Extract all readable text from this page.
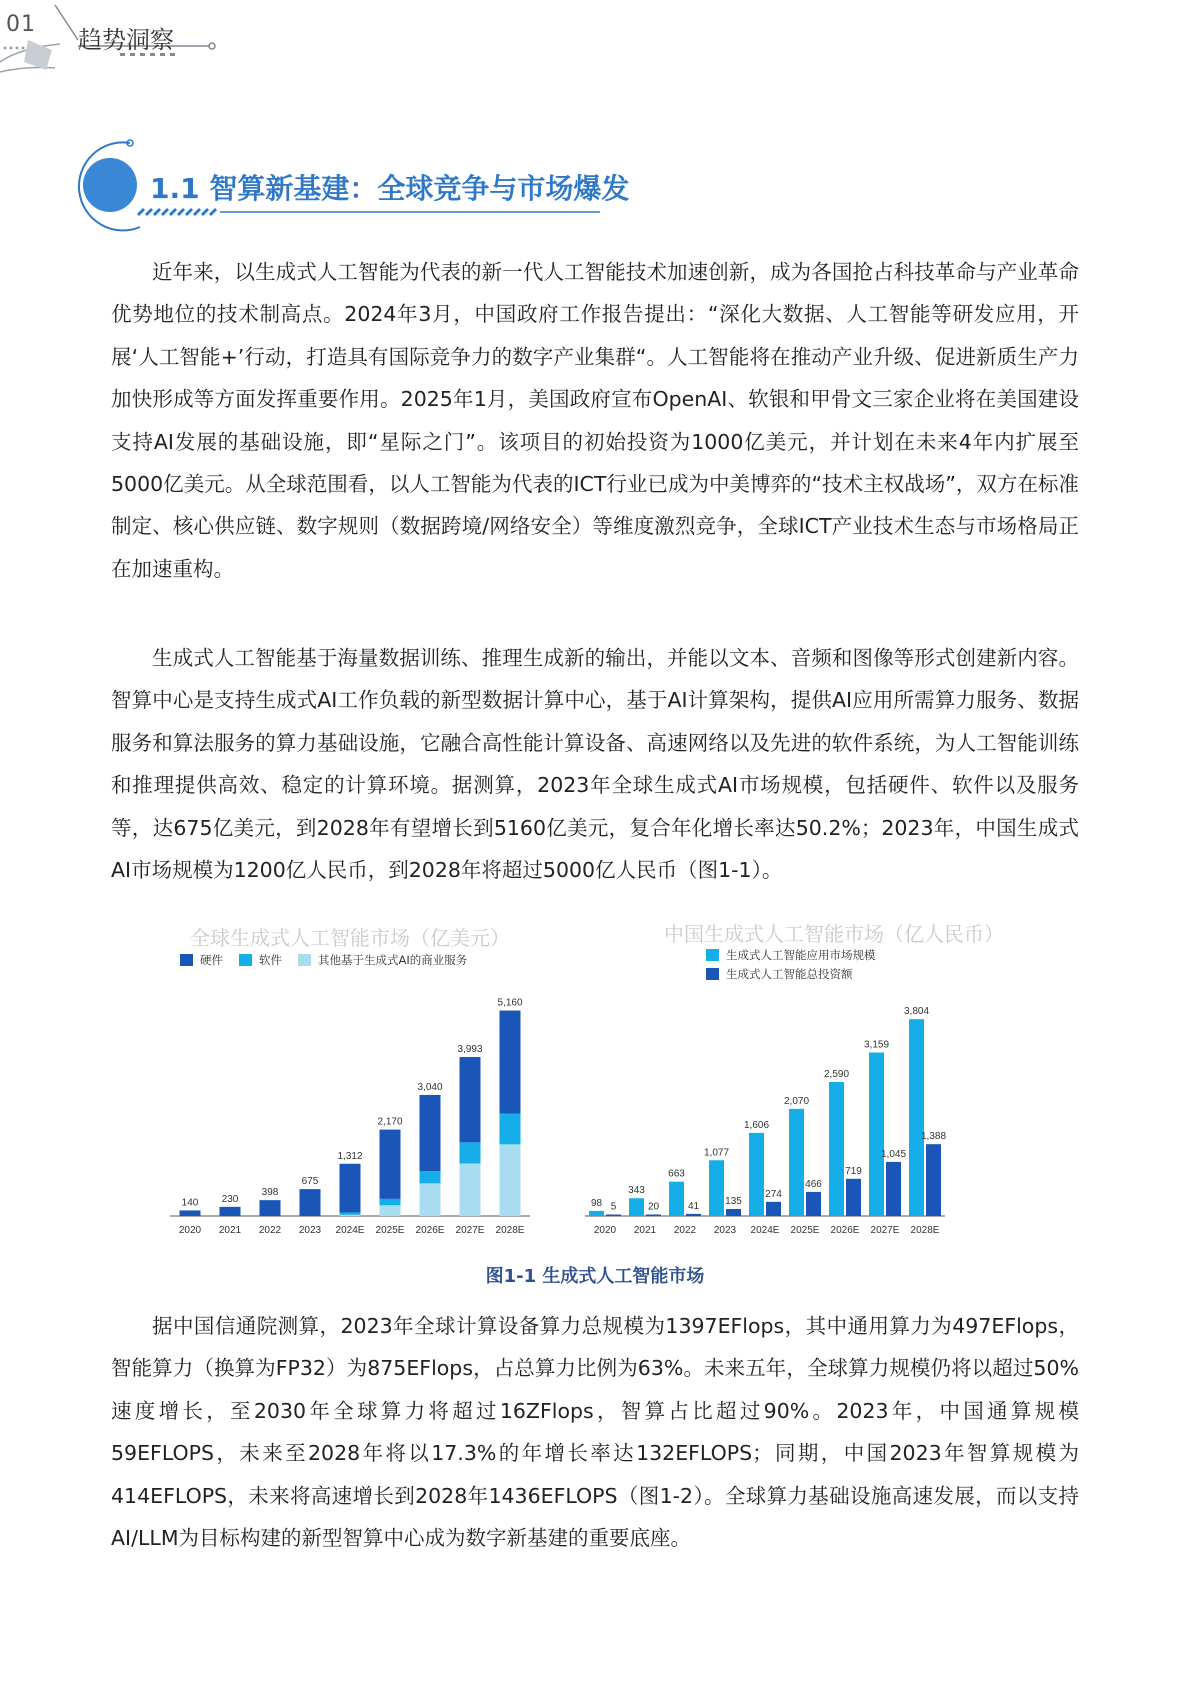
01
趋势洞察
1.1 智算新基建：全球竞争与市场爆发

近年来，以生成式人工智能为代表的新一代人工智能技术加速创新，成为各国抢占科技革命与产业革命优势地位的技术制高点。2024年3月，中国政府工作报告提出：“深化大数据、人工智能等研发应用，开展‘人工智能+’行动，打造具有国际竞争力的数字产业集群“。人工智能将在推动产业升级、促进新质生产力加快形成等方面发挥重要作用。2025年1月，美国政府宣布OpenAI、软银和甲骨文三家企业将在美国建设支持AI发展的基础设施，即“星际之门”。该项目的初始投资为1000亿美元，并计划在未来4年内扩展至5000亿美元。从全球范围看，以人工智能为代表的ICT行业已成为中美博弈的“技术主权战场”，双方在标准制定、核心供应链、数字规则（数据跨境/网络安全）等维度激烈竞争，全球ICT产业技术生态与市场格局正在加速重构。

生成式人工智能基于海量数据训练、推理生成新的输出，并能以文本、音频和图像等形式创建新内容。智算中心是支持生成式AI工作负载的新型数据计算中心，基于AI计算架构，提供AI应用所需算力服务、数据服务和算法服务的算力基础设施，它融合高性能计算设备、高速网络以及先进的软件系统，为人工智能训练和推理提供高效、稳定的计算环境。据测算，2023年全球生成式AI市场规模，包括硬件、软件以及服务等，达675亿美元，到2028年有望增长到5160亿美元，复合年化增长率达50.2%；2023年，中国生成式AI市场规模为1200亿人民币，到2028年将超过5000亿人民币（图1-1）。

据中国信通院测算，2023年全球计算设备算力总规模为1397EFlops，其中通用算力为497EFlops，智能算力（换算为FP32）为875EFlops，占总算力比例为63%。未来五年，全球算力规模仍将以超过50%速度增长，至2030年全球算力将超过16ZFlops，智算占比超过90%。2023年，中国通算规模59EFLOPS，未来至2028年将以17.3%的年增长率达132EFLOPS；同期，中国2023年智算规模为414EFLOPS，未来将高速增长到2028年1436EFLOPS（图1-2）。全球算力基础设施高速发展，而以支持AI/LLM为目标构建的新型智算中心成为数字新基建的重要底座。

全球生成式人工智能市场（亿美元）
硬件	软件	其他基于生成式AI的商业服务
140
2020
230
2021
398
2022
675
2023
1,312
2024E
2,170
2025E
3,040
2026E
3,993
2027E
5,160
2028E
中国生成式人工智能市场（亿人民币）
生成式人工智能应用市场规模
生成式人工智能总投资额
98 5
2020
343
20
2021
663
41
2022
1,077
135
2023
1,606
274
2024E
2,070
466
2025E
2,590
719
2026E
3,159
1,045
2027E
3,804
1,388
2028E
图1-1 生成式人工智能市场
